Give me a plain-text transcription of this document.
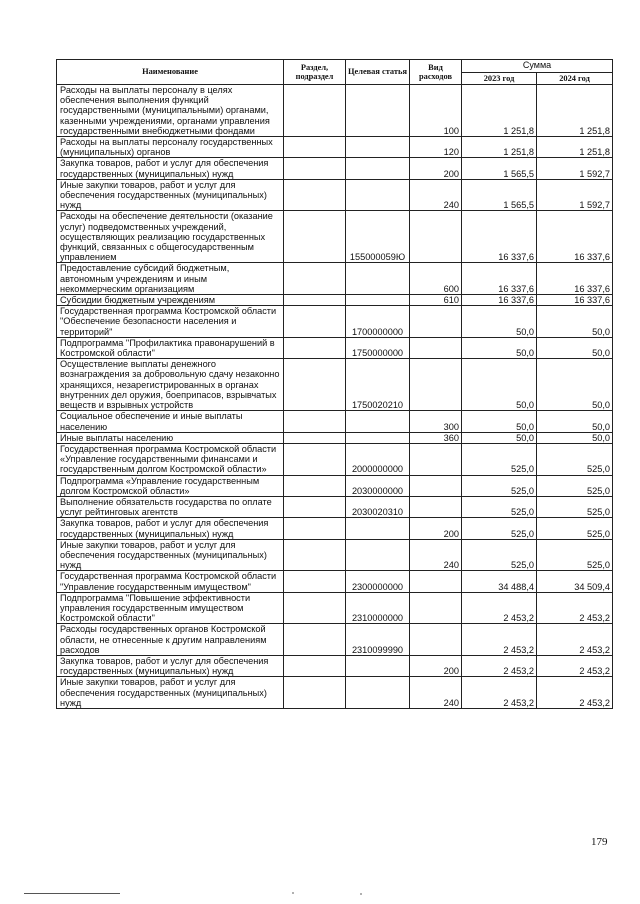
Наименование	Раздел, подраздел	Целевая статья	Вид расходов	Сумма	
				2023 год	2024 год
Расходы на выплаты персоналу в целях обеспечения выполнения функций государственными (муниципальными) органами, казенными учреждениями, органами управления государственными внебюджетными фондами			100	1 251,8	1 251,8
Расходы на выплаты персоналу государственных (муниципальных) органов			120	1 251,8	1 251,8
Закупка товаров, работ и услуг для обеспечения государственных (муниципальных) нужд			200	1 565,5	1 592,7
Иные закупки товаров, работ и услуг для обеспечения государственных (муниципальных) нужд			240	1 565,5	1 592,7
Расходы на обеспечение деятельности (оказание услуг) подведомственных учреждений, осуществляющих реализацию государственных функций, связанных с общегосударственным управлением		155000059Ю		16 337,6	16 337,6
Предоставление субсидий бюджетным, автономным учреждениям и иным некоммерческим организациям			600	16 337,6	16 337,6
Субсидии бюджетным учреждениям			610	16 337,6	16 337,6
Государственная программа Костромской области "Обеспечение безопасности населения и территорий"		1700000000		50,0	50,0
Подпрограмма "Профилактика правонарушений в Костромской области"		1750000000		50,0	50,0
Осуществление выплаты денежного вознаграждения за добровольную сдачу незаконно хранящихся, незарегистрированных в органах внутренних дел оружия, боеприпасов, взрывчатых веществ и взрывных устройств		1750020210		50,0	50,0
Социальное обеспечение и иные выплаты населению			300	50,0	50,0
Иные выплаты населению			360	50,0	50,0
Государственная программа Костромской области «Управление государственными финансами и государственным долгом Костромской области»		2000000000		525,0	525,0
Подпрограмма «Управление государственным долгом Костромской области»		2030000000		525,0	525,0
Выполнение обязательств государства по оплате услуг рейтинговых агентств		2030020310		525,0	525,0
Закупка товаров, работ и услуг для обеспечения государственных (муниципальных) нужд			200	525,0	525,0
Иные закупки товаров, работ и услуг для обеспечения государственных (муниципальных) нужд			240	525,0	525,0
Государственная программа Костромской области "Управление государственным имуществом"		2300000000		34 488,4	34 509,4
Подпрограмма "Повышение эффективности управления государственным имуществом Костромской области"		2310000000		2 453,2	2 453,2
Расходы государственных органов Костромской области, не отнесенные к другим направлениям расходов		2310099990		2 453,2	2 453,2
Закупка товаров, работ и услуг для обеспечения государственных (муниципальных) нужд			200	2 453,2	2 453,2
Иные закупки товаров, работ и услуг для обеспечения государственных (муниципальных) нужд			240	2 453,2	2 453,2
179
